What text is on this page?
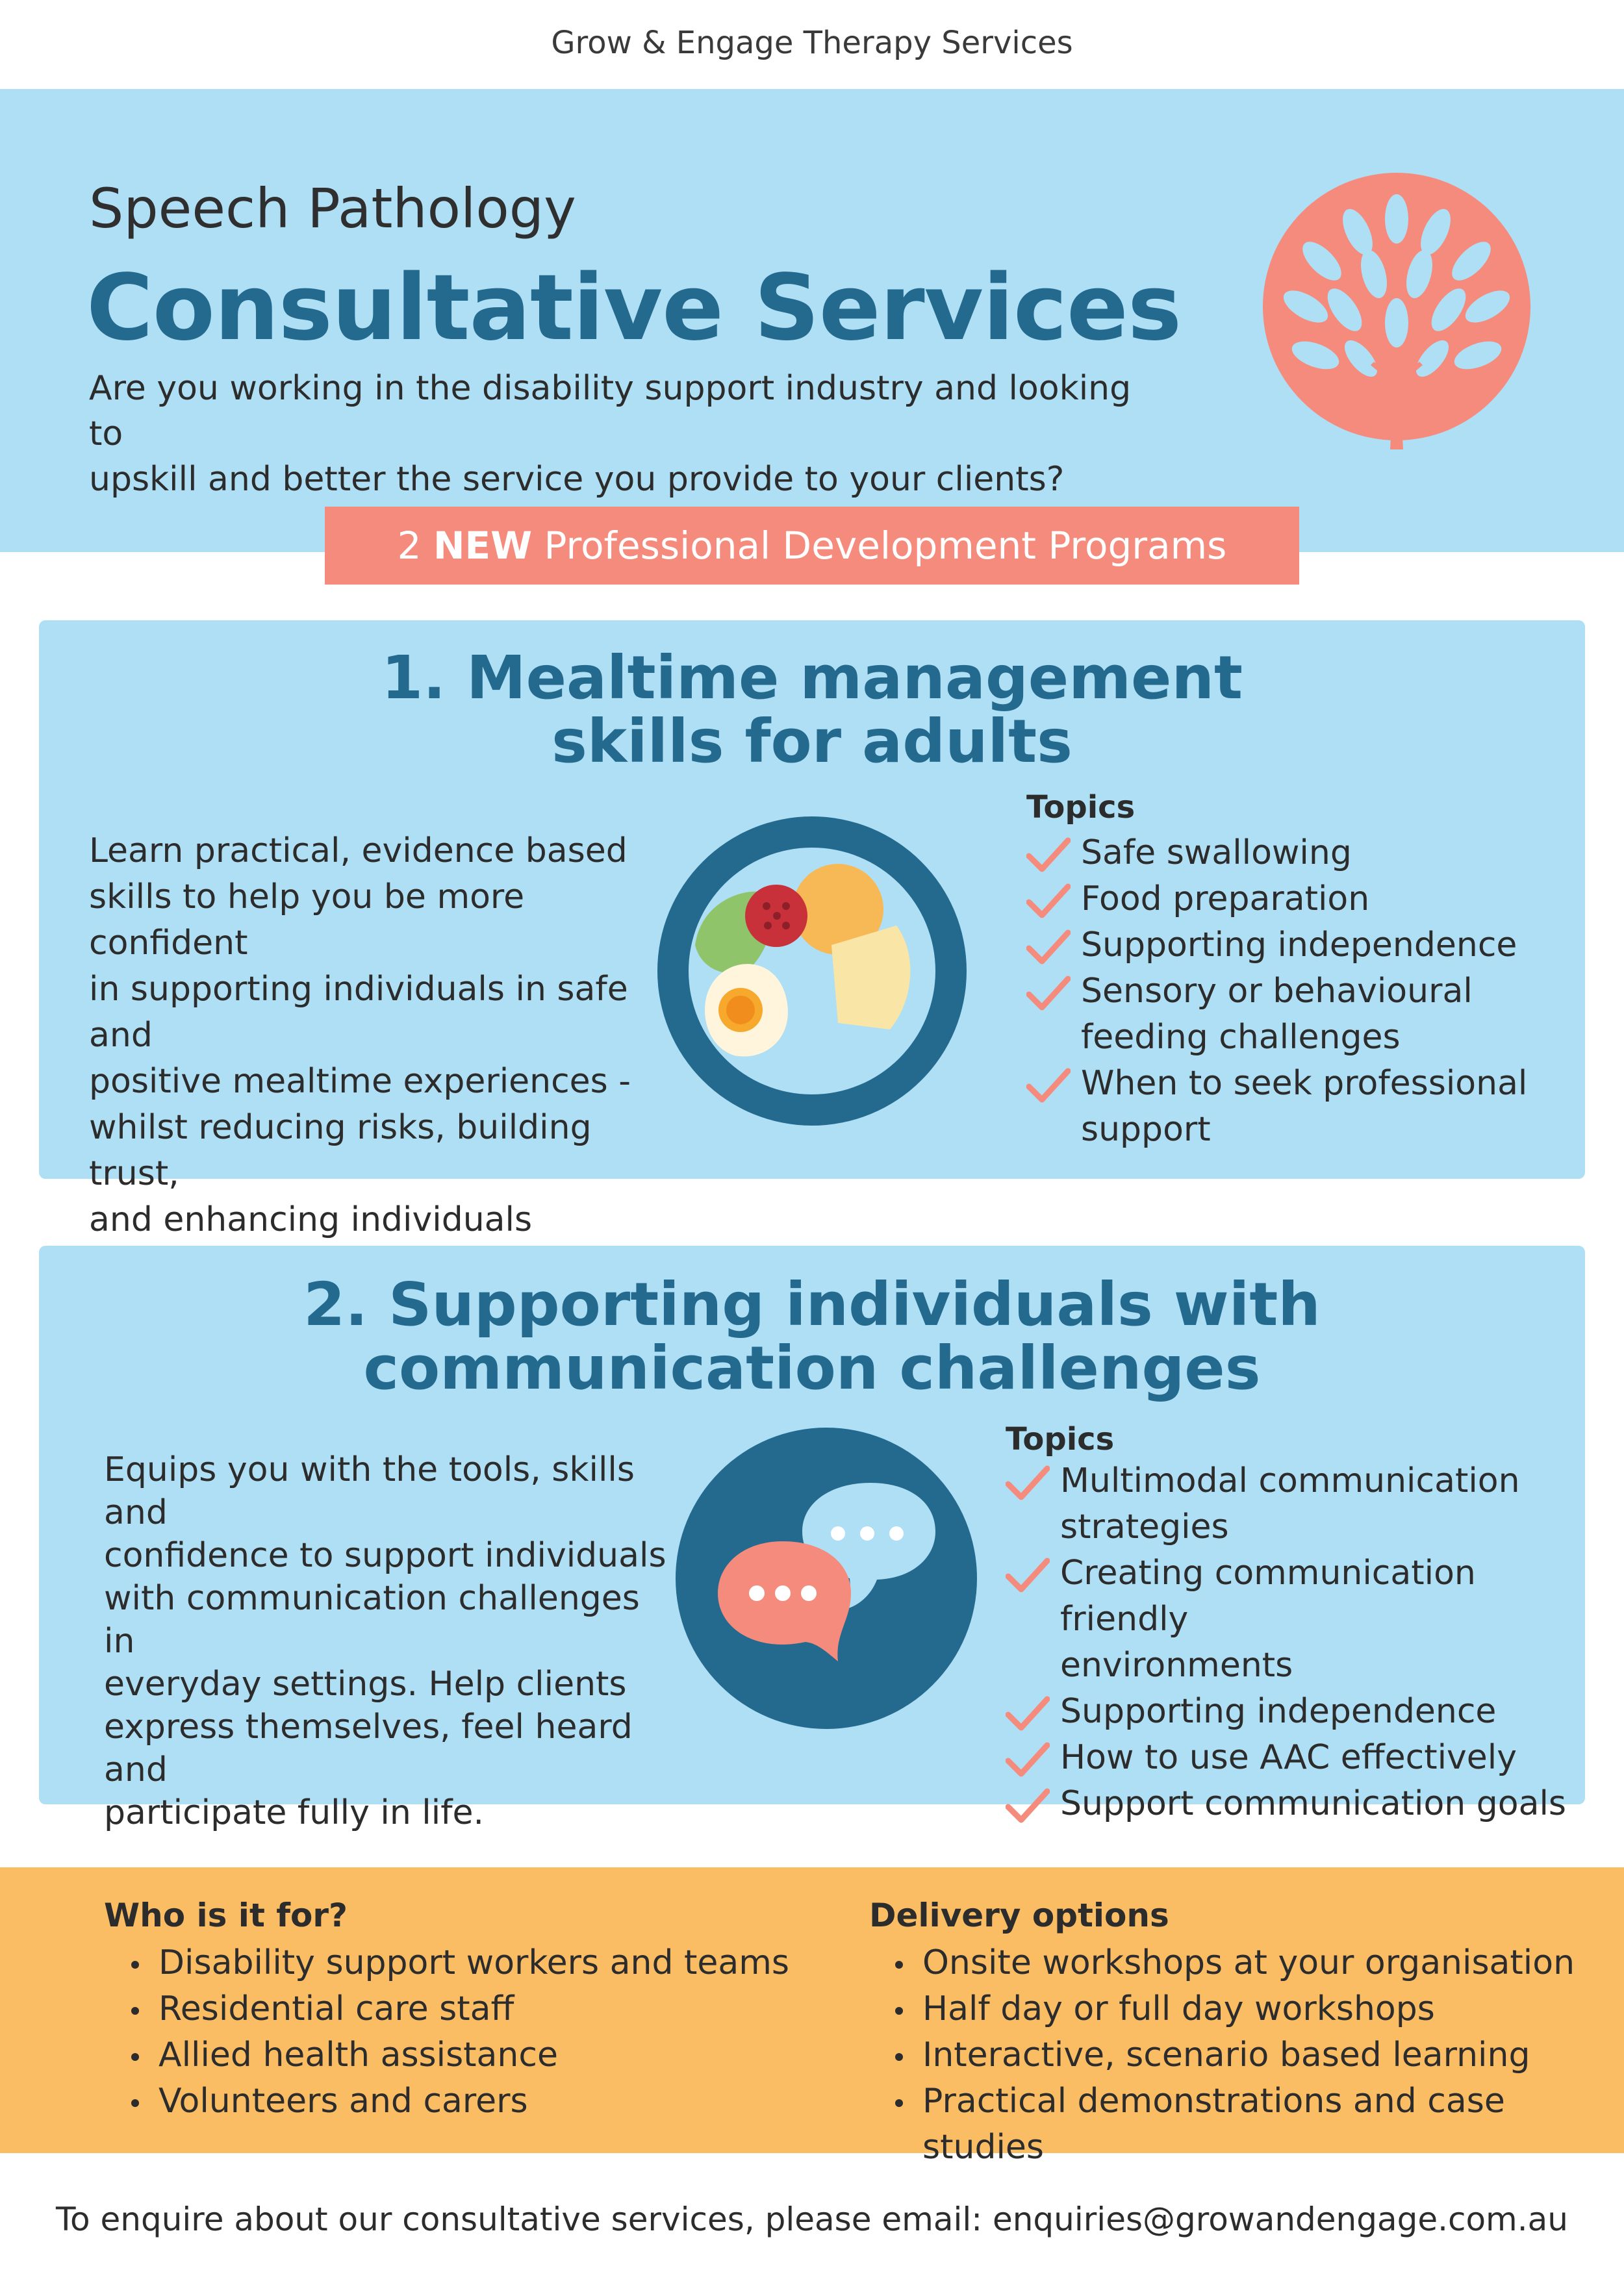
Grow & Engage Therapy Services
Speech Pathology
Consultative Services
Are you working in the disability support industry and looking to
upskill and better the service you provide to your clients?
2 NEW Professional Development Programs
1. Mealtime management
skills for adults
Learn practical, evidence based
skills to help you be more confident
in supporting individuals in safe and
positive mealtime experiences -
whilst reducing risks, building trust,
and enhancing individuals
Topics
Safe swallowing
Food preparation
Supporting independence
Sensory or behavioural
feeding challenges
When to seek professional
support
2. Supporting individuals with
communication challenges
Equips you with the tools, skills and
confidence to support individuals
with communication challenges in
everyday settings. Help clients
express themselves, feel heard and
participate fully in life.
Topics
Multimodal communication
strategies
Creating communication friendly
environments
Supporting independence
How to use AAC effectively
Support communication goals
Who is it for?
Disability support workers and teams
Residential care staff
Allied health assistance
Volunteers and carers
Delivery options
Onsite workshops at your organisation
Half day or full day workshops
Interactive, scenario based learning
Practical demonstrations and case studies
To enquire about our consultative services, please email: enquiries@growandengage.com.au
